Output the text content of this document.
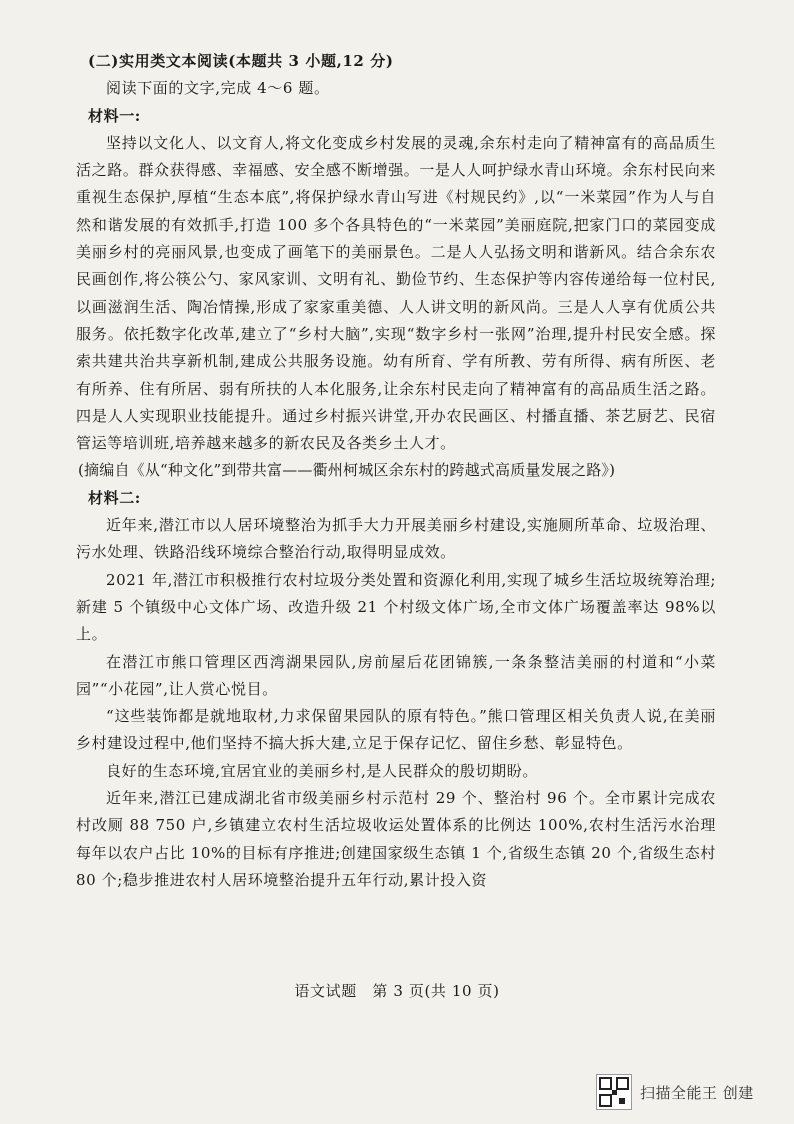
(二)实用类文本阅读(本题共 3 小题,12 分)

阅读下面的文字,完成 4～6 题。

材料一:

坚持以文化人、以文育人,将文化变成乡村发展的灵魂,余东村走向了精神富有的高品质生活之路。群众获得感、幸福感、安全感不断增强。一是人人呵护绿水青山环境。余东村民向来重视生态保护,厚植“生态本底”,将保护绿水青山写进《村规民约》,以“一米菜园”作为人与自然和谐发展的有效抓手,打造 100 多个各具特色的“一米菜园”美丽庭院,把家门口的菜园变成美丽乡村的亮丽风景,也变成了画笔下的美丽景色。二是人人弘扬文明和谐新风。结合余东农民画创作,将公筷公勺、家风家训、文明有礼、勤俭节约、生态保护等内容传递给每一位村民,以画滋润生活、陶冶情操,形成了家家重美德、人人讲文明的新风尚。三是人人享有优质公共服务。依托数字化改革,建立了“乡村大脑”,实现“数字乡村一张网”治理,提升村民安全感。探索共建共治共享新机制,建成公共服务设施。幼有所育、学有所教、劳有所得、病有所医、老有所养、住有所居、弱有所扶的人本化服务,让余东村民走向了精神富有的高品质生活之路。四是人人实现职业技能提升。通过乡村振兴讲堂,开办农民画区、村播直播、茶艺厨艺、民宿管运等培训班,培养越来越多的新农民及各类乡土人才。

(摘编自《从“种文化”到带共富——衢州柯城区余东村的跨越式高质量发展之路》)

材料二:

近年来,潜江市以人居环境整治为抓手大力开展美丽乡村建设,实施厕所革命、垃圾治理、污水处理、铁路沿线环境综合整治行动,取得明显成效。

2021 年,潜江市积极推行农村垃圾分类处置和资源化利用,实现了城乡生活垃圾统筹治理;新建 5 个镇级中心文体广场、改造升级 21 个村级文体广场,全市文体广场覆盖率达 98%以上。

在潜江市熊口管理区西湾湖果园队,房前屋后花团锦簇,一条条整洁美丽的村道和“小菜园”“小花园”,让人赏心悦目。

“这些装饰都是就地取材,力求保留果园队的原有特色。”熊口管理区相关负责人说,在美丽乡村建设过程中,他们坚持不搞大拆大建,立足于保存记忆、留住乡愁、彰显特色。

良好的生态环境,宜居宜业的美丽乡村,是人民群众的殷切期盼。

近年来,潜江已建成湖北省市级美丽乡村示范村 29 个、整治村 96 个。全市累计完成农村改厕 88 750 户,乡镇建立农村生活垃圾收运处置体系的比例达 100%,农村生活污水治理每年以农户占比 10%的目标有序推进;创建国家级生态镇 1 个,省级生态镇 20 个,省级生态村 80 个;稳步推进农村人居环境整治提升五年行动,累计投入资

语文试题　第 3 页(共 10 页)
扫描全能王 创建
